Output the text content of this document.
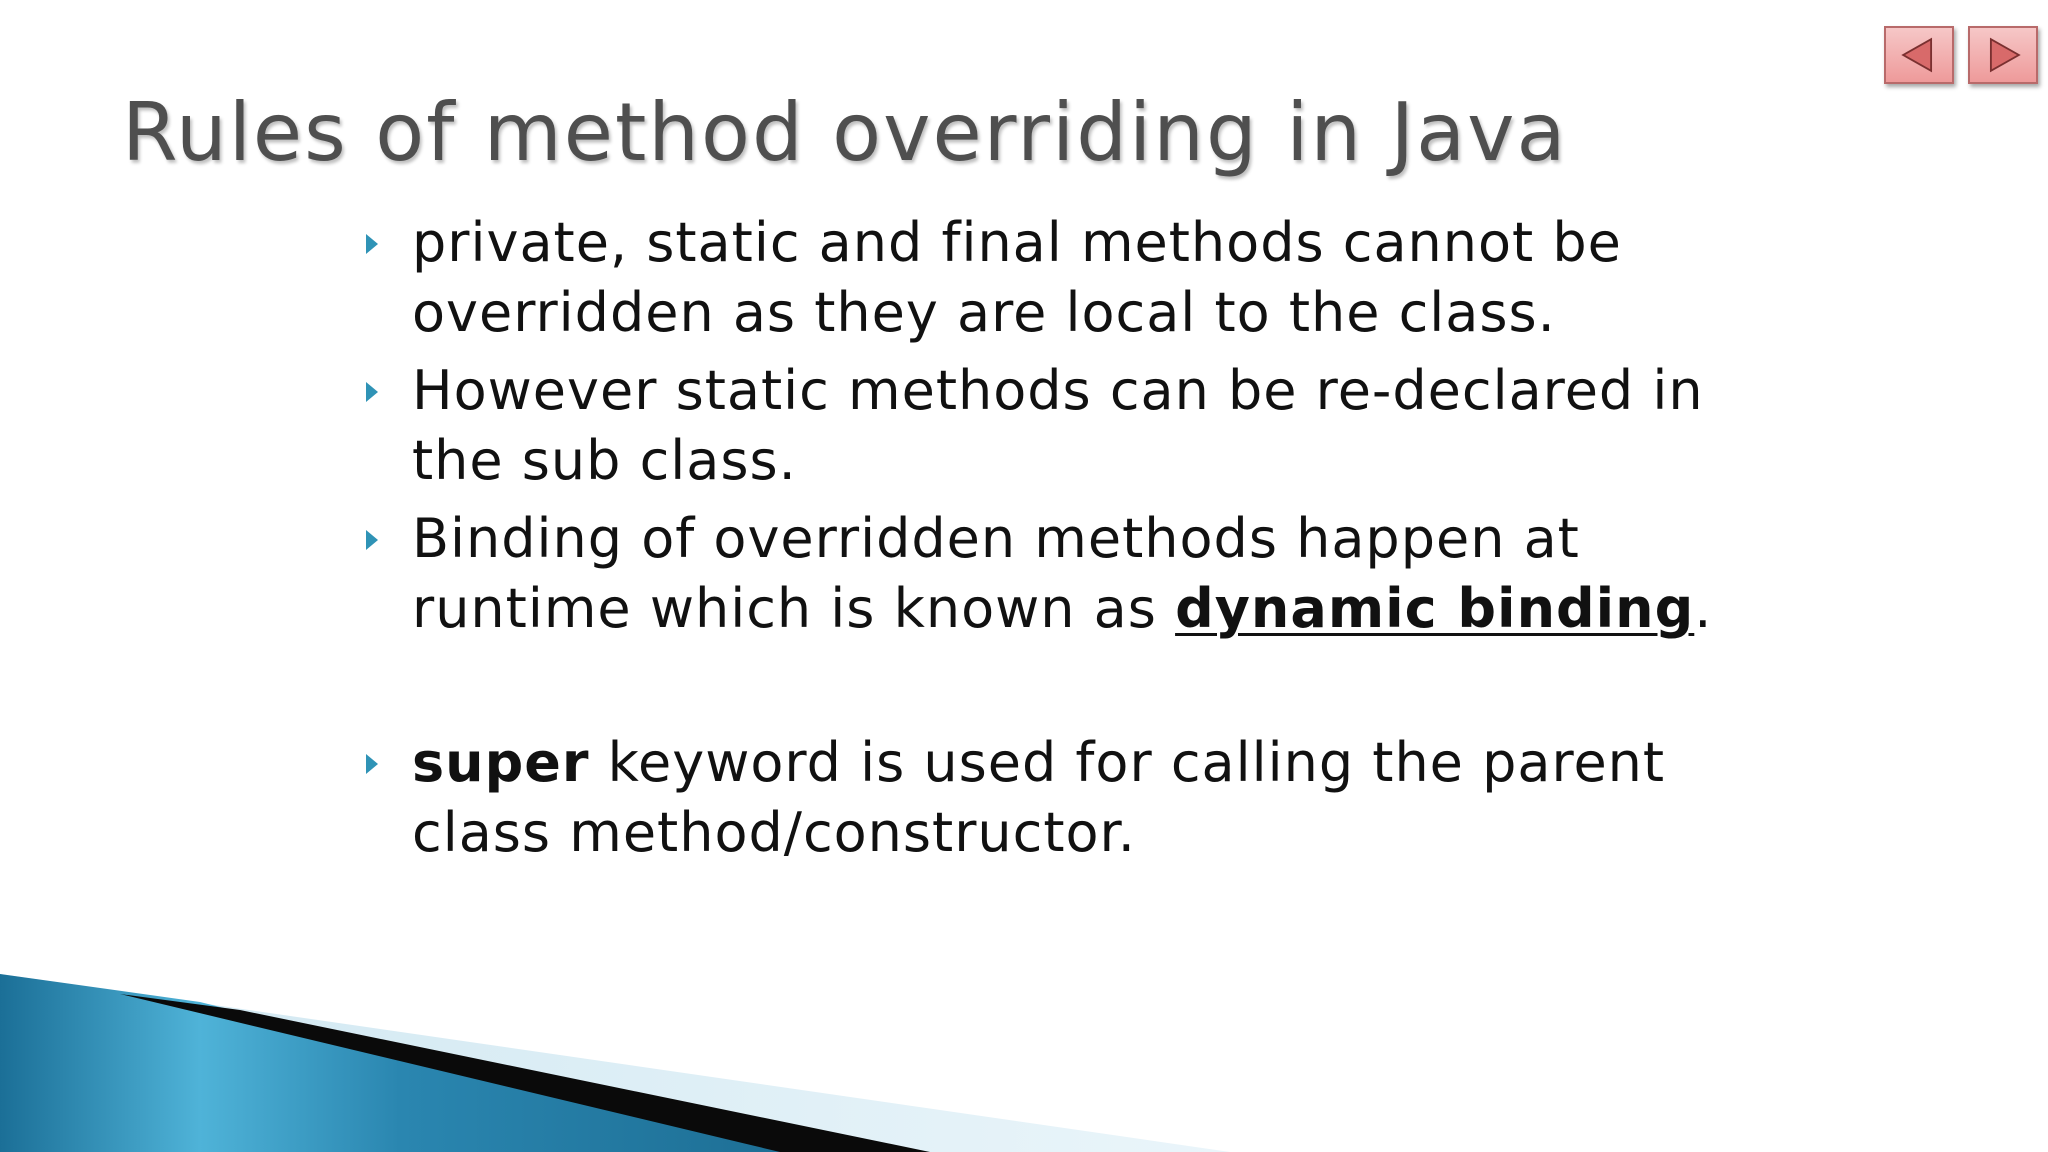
Rules of method overriding in Java
private, static and final methods cannot be overridden as they are local to the class.
However static methods can be re-declared in the sub class.
Binding of overridden methods happen at runtime which is known as dynamic binding.
super keyword is used for calling the parent class method/constructor.
